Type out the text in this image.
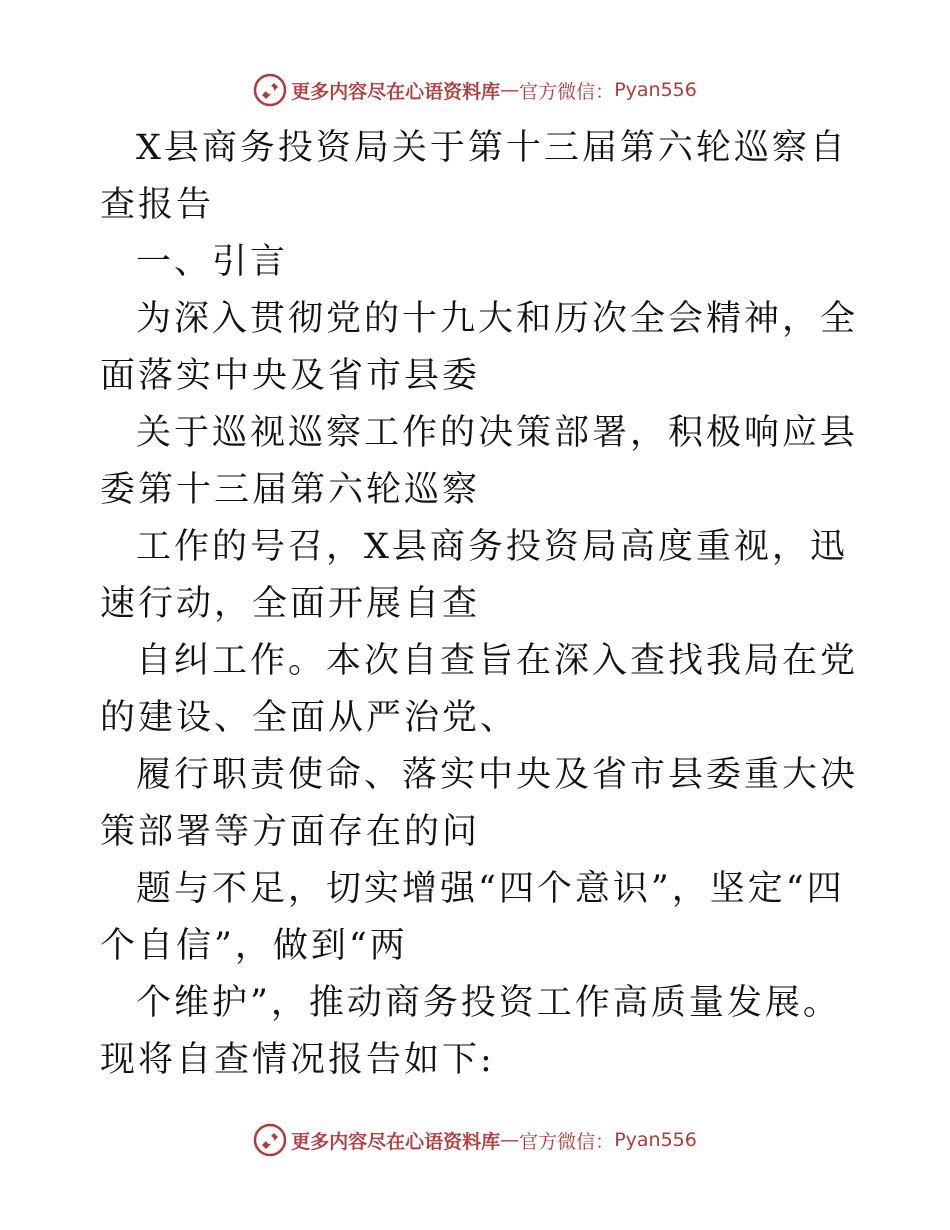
更多内容尽在心语资料库 — 官方微信： Pyan556

X县商务投资局关于第十三届第六轮巡察自查报告

一、引言

为深入贯彻党的十九大和历次全会精神，全面落实中央及省市县委

关于巡视巡察工作的决策部署，积极响应县委第十三届第六轮巡察

工作的号召，X县商务投资局高度重视，迅速行动，全面开展自查

自纠工作。本次自查旨在深入查找我局在党的建设、全面从严治党、

履行职责使命、落实中央及省市县委重大决策部署等方面存在的问

题与不足，切实增强“四个意识”，坚定“四个自信”，做到“两

个维护”，推动商务投资工作高质量发展。现将自查情况报告如下:

更多内容尽在心语资料库 — 官方微信： Pyan556
